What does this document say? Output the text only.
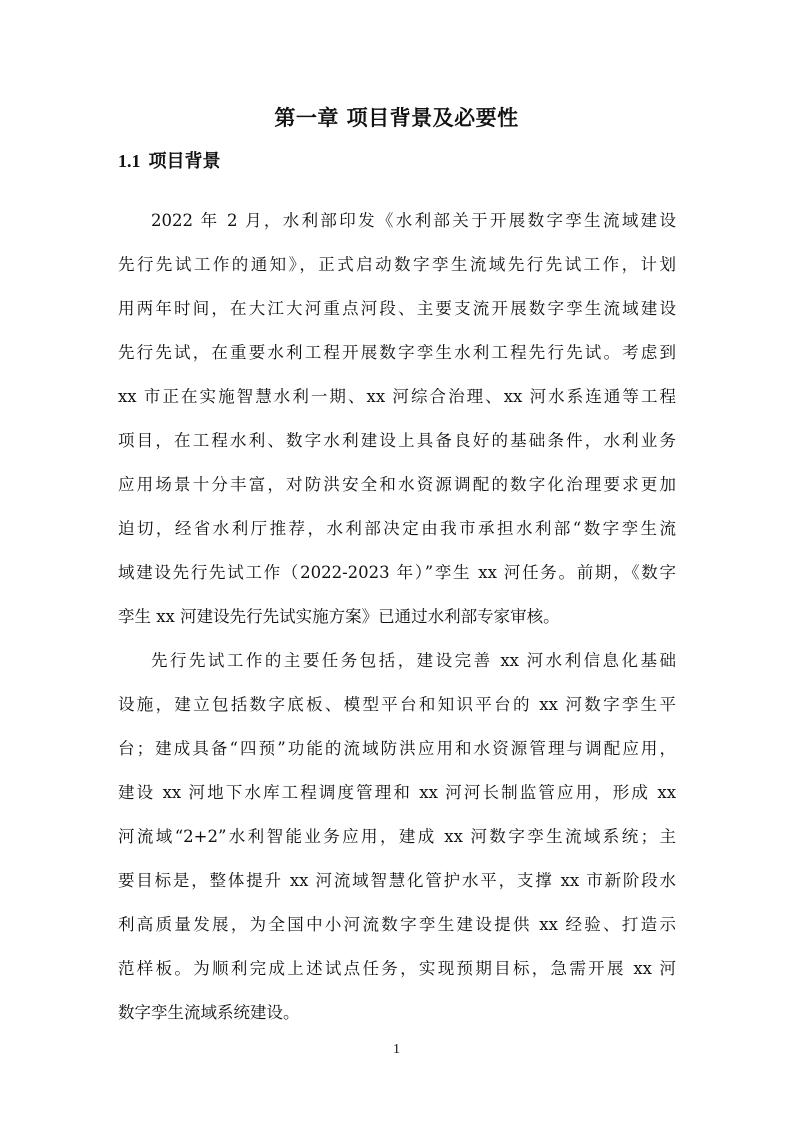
第一章 项目背景及必要性
1.1 项目背景

2022 年 2 月，水利部印发《水利部关于开展数字孪生流域建设

先行先试工作的通知》，正式启动数字孪生流域先行先试工作，计划

用两年时间，在大江大河重点河段、主要支流开展数字孪生流域建设

先行先试，在重要水利工程开展数字孪生水利工程先行先试。考虑到

xx 市正在实施智慧水利一期、xx 河综合治理、xx 河水系连通等工程

项目，在工程水利、数字水利建设上具备良好的基础条件，水利业务

应用场景十分丰富，对防洪安全和水资源调配的数字化治理要求更加

迫切，经省水利厅推荐，水利部决定由我市承担水利部“数字孪生流

域建设先行先试工作（2022-2023 年）”孪生 xx 河任务。前期，《数字

孪生 xx 河建设先行先试实施方案》已通过水利部专家审核。

先行先试工作的主要任务包括，建设完善 xx 河水利信息化基础

设施，建立包括数字底板、模型平台和知识平台的 xx 河数字孪生平

台；建成具备“四预”功能的流域防洪应用和水资源管理与调配应用，

建设 xx 河地下水库工程调度管理和 xx 河河长制监管应用，形成 xx

河流域“2+2”水利智能业务应用，建成 xx 河数字孪生流域系统；主

要目标是，整体提升 xx 河流域智慧化管护水平，支撑 xx 市新阶段水

利高质量发展，为全国中小河流数字孪生建设提供 xx 经验、打造示

范样板。为顺利完成上述试点任务，实现预期目标，急需开展 xx 河

数字孪生流域系统建设。

1
